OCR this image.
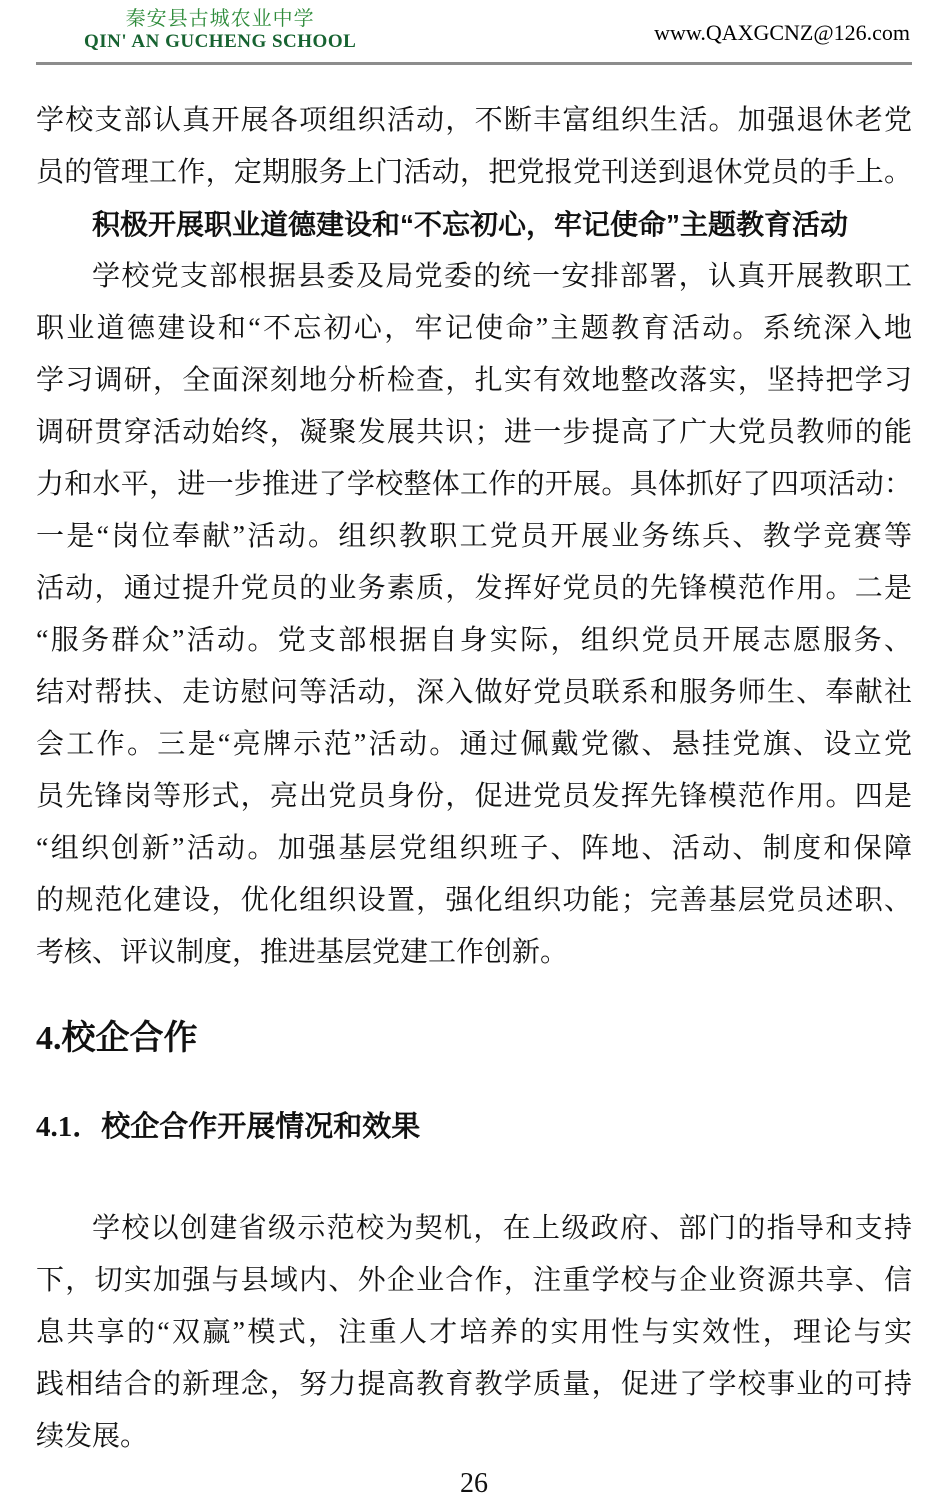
秦安县古城农业中学
QIN' AN GUCHENG SCHOOL	www.QAXGCNZ@126.com
学校支部认真开展各项组织活动，不断丰富组织生活。加强退休老党
员的管理工作，定期服务上门活动，把党报党刊送到退休党员的手上。
积极开展职业道德建设和“不忘初心，牢记使命”主题教育活动
学校党支部根据县委及局党委的统一安排部署，认真开展教职工
职业道德建设和“不忘初心，牢记使命”主题教育活动。系统深入地
学习调研，全面深刻地分析检查，扎实有效地整改落实，坚持把学习
调研贯穿活动始终，凝聚发展共识；进一步提高了广大党员教师的能
力和水平，进一步推进了学校整体工作的开展。具体抓好了四项活动：
一是“岗位奉献”活动。组织教职工党员开展业务练兵、教学竞赛等
活动，通过提升党员的业务素质，发挥好党员的先锋模范作用。二是
“服务群众”活动。党支部根据自身实际，组织党员开展志愿服务、
结对帮扶、走访慰问等活动，深入做好党员联系和服务师生、奉献社
会工作。三是“亮牌示范”活动。通过佩戴党徽、悬挂党旗、设立党
员先锋岗等形式，亮出党员身份，促进党员发挥先锋模范作用。四是
“组织创新”活动。加强基层党组织班子、阵地、活动、制度和保障
的规范化建设，优化组织设置，强化组织功能；完善基层党员述职、
考核、评议制度，推进基层党建工作创新。
4.校企合作
4.1．校企合作开展情况和效果
学校以创建省级示范校为契机，在上级政府、部门的指导和支持
下，切实加强与县域内、外企业合作，注重学校与企业资源共享、信
息共享的“双赢”模式，注重人才培养的实用性与实效性，理论与实
践相结合的新理念，努力提高教育教学质量，促进了学校事业的可持
续发展。
26
